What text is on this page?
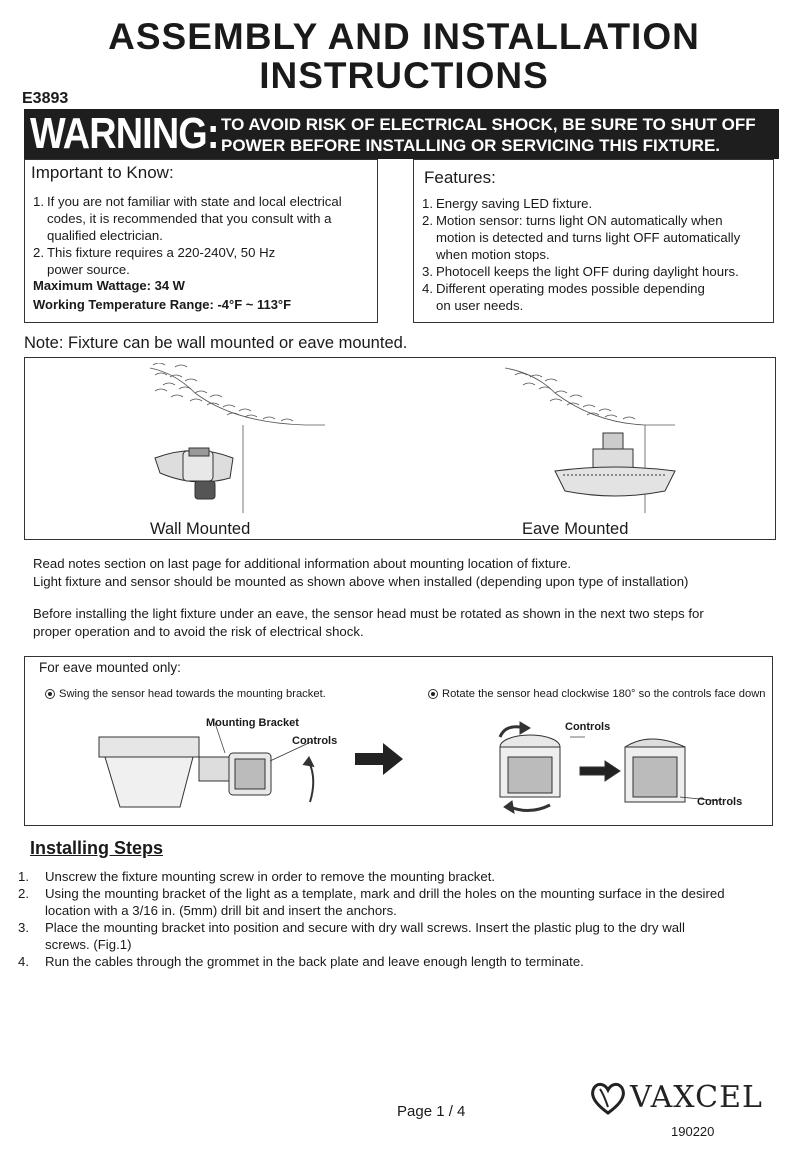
ASSEMBLY AND INSTALLATION
INSTRUCTIONS
E3893
WARNING: TO AVOID RISK OF ELECTRICAL SHOCK, BE SURE TO SHUT OFF
POWER BEFORE INSTALLING OR SERVICING THIS FIXTURE.
Important to Know:
1. If you are not familiar with state and local electrical
codes, it is recommended that you consult with a
qualified electrician.
2. This fixture requires a 220-240V, 50 Hz
power source.
Maximum Wattage: 34 W
Working Temperature Range: -4°F ~ 113°F
Features:
1. Energy saving LED fixture.
2. Motion sensor: turns light ON automatically when
motion is detected and turns light OFF automatically
when motion stops.
3. Photocell keeps the light OFF during daylight hours.
4. Different operating modes possible depending
on user needs.
Note: Fixture can be wall mounted or eave mounted.
Wall Mounted	Eave Mounted
Read notes section on last page for additional information about mounting location of fixture.
Light fixture and sensor should be mounted as shown above when installed (depending upon type of installation)
Before installing the light fixture under an eave, the sensor head must be rotated as shown in the next two steps for
proper operation and to avoid the risk of electrical shock.
For eave mounted only:
Swing the sensor head towards the mounting bracket.	Rotate the sensor head clockwise 180° so the controls face down
Mounting Bracket
Controls
Controls
Controls
Installing Steps
1. Unscrew the fixture mounting screw in order to remove the mounting bracket.
2. Using the mounting bracket of the light as a template, mark and drill the holes on the mounting surface in the desired
location with a 3/16 in. (5mm) drill bit and insert the anchors.
3. Place the mounting bracket into position and secure with dry wall screws. Insert the plastic plug to the dry wall
screws. (Fig.1)
4. Run the cables through the grommet in the back plate and leave enough length to terminate.
Page 1 / 4	VAXCEL
190220
